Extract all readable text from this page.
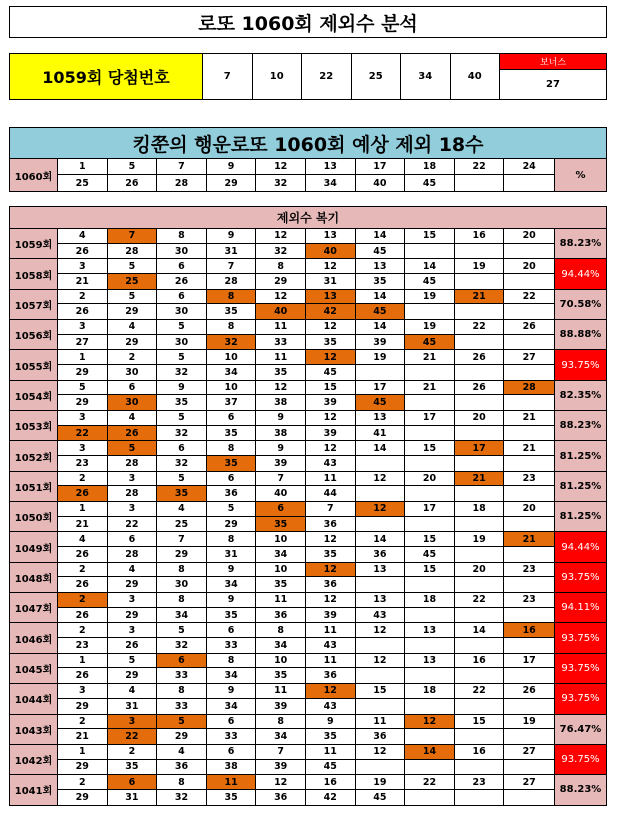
로또 1060회 제외수 분석
1059회 당첨번호	7	10	22	25	34	40
보너스
27
킹쭌의 행운로또 1060회 예상 제외 18수
1060회
1	5	7	9	12	13	17	18	22	24
25	26	28	29	32	34	40	45
%
제외수 복기
1059회
4	7	8	9	12	13	14	15	16	20
26	28	30	31	32	40	45
88.23%
1058회
3	5	6	7	8	12	13	14	19	20
21	25	26	28	29	31	35	45
94.44%
1057회
2	5	6	8	12	13	14	19	21	22
26	29	30	35	40	42	45
70.58%
1056회
3	4	5	8	11	12	14	19	22	26
27	29	30	32	33	35	39	45
88.88%
1055회
1	2	5	10	11	12	19	21	26	27
29	30	32	34	35	45
93.75%
1054회
5	6	9	10	12	15	17	21	26	28
29	30	35	37	38	39	45
82.35%
1053회
3	4	5	6	9	12	13	17	20	21
22	26	32	35	38	39	41
88.23%
1052회
3	5	6	8	9	12	14	15	17	21
23	28	32	35	39	43
81.25%
1051회
2	3	5	6	7	11	12	20	21	23
26	28	35	36	40	44
81.25%
1050회
1	3	4	5	6	7	12	17	18	20
21	22	25	29	35	36
81.25%
1049회
4	6	7	8	10	12	14	15	19	21
26	28	29	31	34	35	36	45
94.44%
1048회
2	4	8	9	10	12	13	15	20	23
26	29	30	34	35	36
93.75%
1047회
2	3	8	9	11	12	13	18	22	23
26	29	34	35	36	39	43
94.11%
1046회
2	3	5	6	8	11	12	13	14	16
23	26	32	33	34	43
93.75%
1045회
1	5	6	8	10	11	12	13	16	17
26	29	33	34	35	36
93.75%
1044회
3	4	8	9	11	12	15	18	22	26
29	31	33	34	39	43
93.75%
1043회
2	3	5	6	8	9	11	12	15	19
21	22	29	33	34	35	36
76.47%
1042회
1	2	4	6	7	11	12	14	16	27
29	35	36	38	39	45
93.75%
1041회
2	6	8	11	12	16	19	22	23	27
29	31	32	35	36	42	45
88.23%
